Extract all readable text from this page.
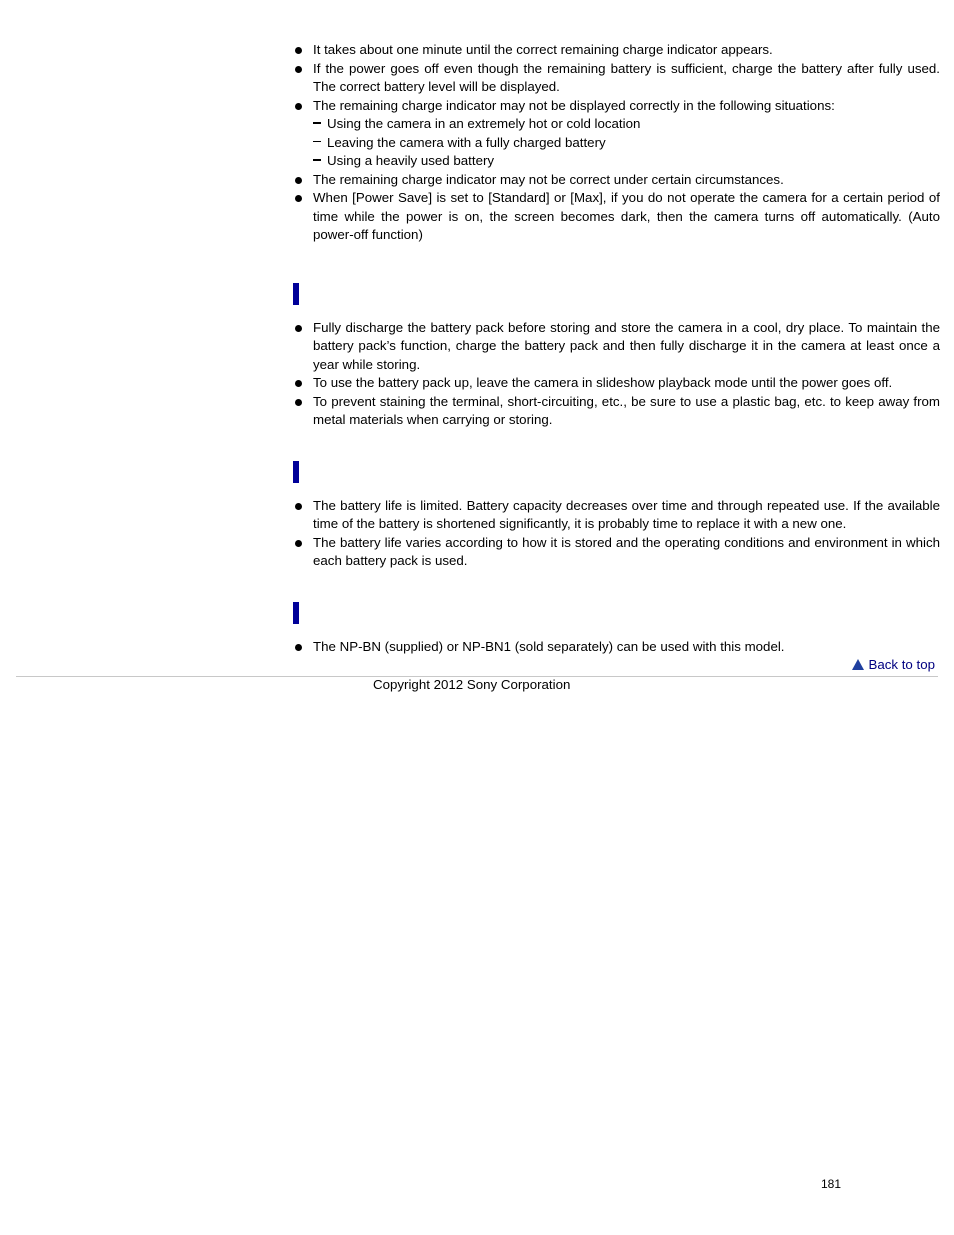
It takes about one minute until the correct remaining charge indicator appears.
If the power goes off even though the remaining battery is sufficient, charge the battery after fully used. The correct battery level will be displayed.
The remaining charge indicator may not be displayed correctly in the following situations:
Using the camera in an extremely hot or cold location
Leaving the camera with a fully charged battery
Using a heavily used battery
The remaining charge indicator may not be correct under certain circumstances.
When [Power Save] is set to [Standard] or [Max], if you do not operate the camera for a certain period of time while the power is on, the screen becomes dark, then the camera turns off automatically. (Auto power-off function)
Fully discharge the battery pack before storing and store the camera in a cool, dry place. To maintain the battery pack’s function, charge the battery pack and then fully discharge it in the camera at least once a year while storing.
To use the battery pack up, leave the camera in slideshow playback mode until the power goes off.
To prevent staining the terminal, short-circuiting, etc., be sure to use a plastic bag, etc. to keep away from metal materials when carrying or storing.
The battery life is limited. Battery capacity decreases over time and through repeated use. If the available time of the battery is shortened significantly, it is probably time to replace it with a new one.
The battery life varies according to how it is stored and the operating conditions and environment in which each battery pack is used.
The NP-BN (supplied) or NP-BN1 (sold separately) can be used with this model.
Back to top
Copyright 2012 Sony Corporation
181
